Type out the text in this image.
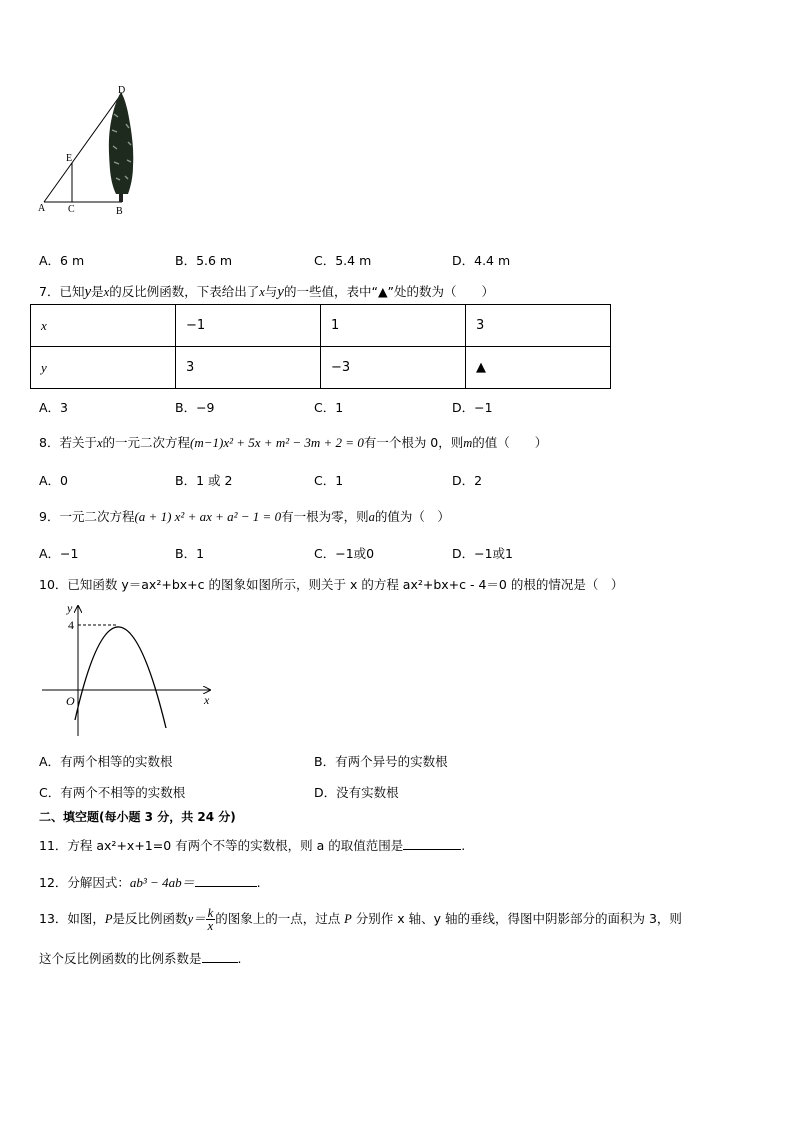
D
E
A C	B
A．6 m	B．5.6 m	C．5.4 m	D．4.4 m
7．已知y是x的反比例函数，下表给出了x与y的一些值，表中“▲”处的数为（　　）
x	−1	1	3
y	3	−3	▲
A．3	B．−9	C．1	D．−1
8．若关于x的一元二次方程(m−1)x² + 5x + m² − 3m + 2 = 0有一个根为 0，则m的值（　　）
A．0	B．1 或 2	C．1	D．2
9．一元二次方程(a + 1) x² + ax + a² − 1 = 0有一根为零，则a的值为（　）
A．−1	B．1	C．−1或0	D．−1或1
10．已知函数 y＝ax²+bx+c 的图象如图所示，则关于 x 的方程 ax²+bx+c - 4＝0 的根的情况是（　）
y
x
O
4
A．有两个相等的实数根	B．有两个异号的实数根
C．有两个不相等的实数根	D．没有实数根
二、填空题(每小题 3 分，共 24 分)
11．方程 ax²+x+1=0 有两个不等的实数根，则 a 的取值范围是	.
12．分解因式：ab³ − 4ab＝	.
13．如图，P是反比例函数$y= \frac{k}{x}$ 的图象上的一点，过点 P 分别作 x 轴、y 轴的垂线，得图中阴影部分的面积为 3，则
这个反比例函数的比例系数是	.
